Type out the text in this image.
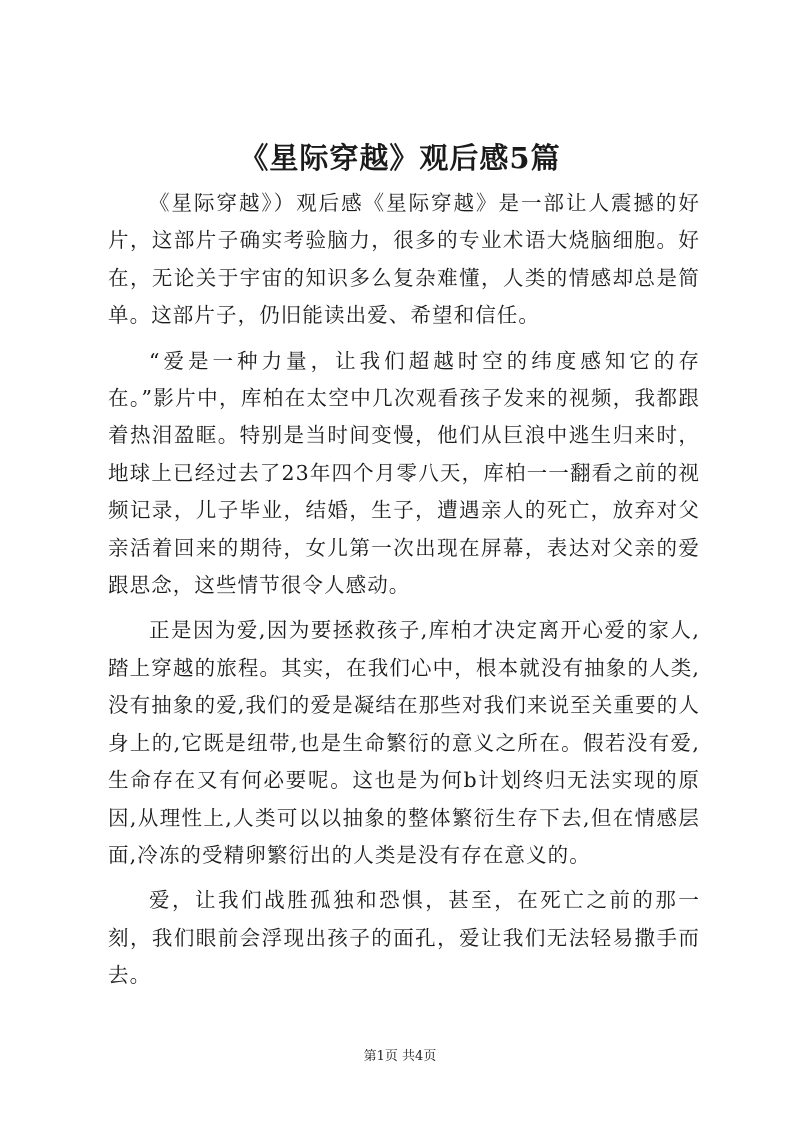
《星际穿越》观后感5篇

《星际穿越》）观后感《星际穿越》是一部让人震撼的好片，这部片子确实考验脑力，很多的专业术语大烧脑细胞。好在，无论关于宇宙的知识多么复杂难懂，人类的情感却总是简单。这部片子，仍旧能读出爱、希望和信任。

“爱是一种力量，让我们超越时空的纬度感知它的存在。”影片中，库柏在太空中几次观看孩子发来的视频，我都跟着热泪盈眶。特别是当时间变慢，他们从巨浪中逃生归来时，地球上已经过去了23年四个月零八天，库柏一一翻看之前的视频记录，儿子毕业，结婚，生子，遭遇亲人的死亡，放弃对父亲活着回来的期待，女儿第一次出现在屏幕，表达对父亲的爱跟思念，这些情节很令人感动。

正是因为爱,因为要拯救孩子,库柏才决定离开心爱的家人,踏上穿越的旅程。其实，在我们心中，根本就没有抽象的人类,没有抽象的爱,我们的爱是凝结在那些对我们来说至关重要的人身上的,它既是纽带,也是生命繁衍的意义之所在。假若没有爱,生命存在又有何必要呢。这也是为何b计划终归无法实现的原因,从理性上,人类可以以抽象的整体繁衍生存下去,但在情感层面,冷冻的受精卵繁衍出的人类是没有存在意义的。

爱，让我们战胜孤独和恐惧，甚至，在死亡之前的那一刻，我们眼前会浮现出孩子的面孔，爱让我们无法轻易撒手而去。

第1页 共4页
